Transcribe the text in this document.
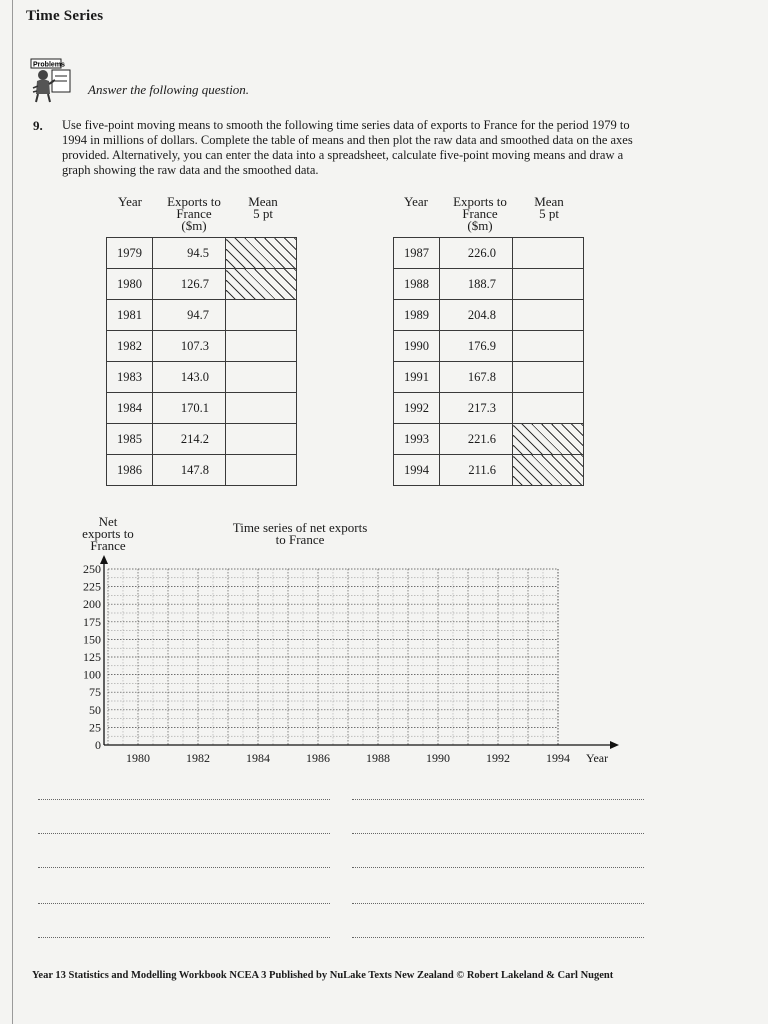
Time Series
Problems
Answer the following question.
9. Use five-point moving means to smooth the following time series data of exports to France for the period 1979 to 1994 in millions of dollars. Complete the table of means and then plot the raw data and smoothed data on the axes provided. Alternatively, you can enter the data into a spreadsheet, calculate five-point moving means and draw a graph showing the raw data and the smoothed data.
Year	Exports to
France
($m)
Mean
5 pt
Year	Exports to
France
($m)
Mean
5 pt
1979	94.5	
1980	126.7	
1981	94.7	
1982	107.3	
1983	143.0	
1984	170.1	
1985	214.2	
1986	147.8	
1987	226.0	
1988	188.7	
1989	204.8	
1990	176.9	
1991	167.8	
1992	217.3	
1993	221.6	
1994	211.6	
Net
exports to
France
Time series of net exports
to France
0
25
50
75
100
125
150
175
200
225
250
1980	1982	1984	1986	1988	1990	1992	1994 Year
Year 13 Statistics and Modelling Workbook NCEA 3 Published by NuLake Texts New Zealand © Robert Lakeland & Carl Nugent
